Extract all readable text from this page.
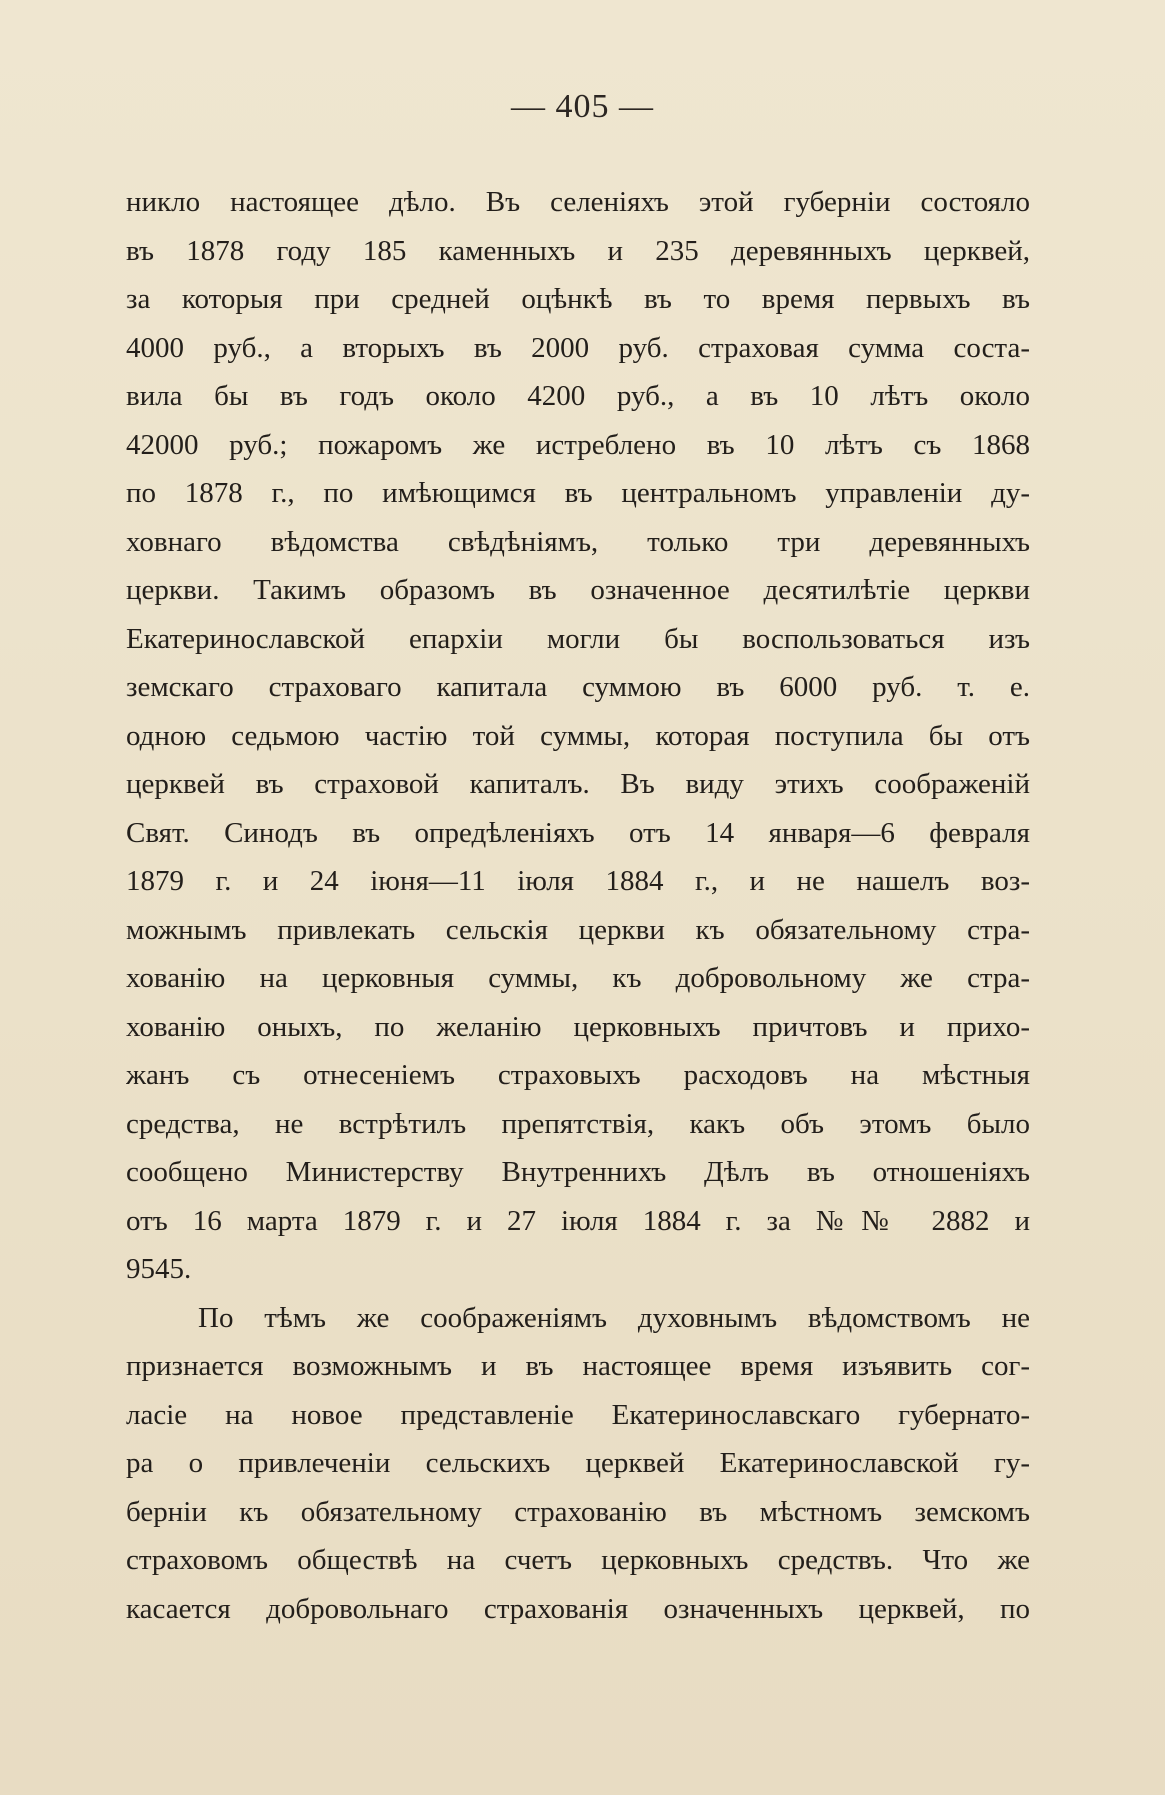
— 405 —
никло настоящее дѣло. Въ селеніяхъ этой губерніи состояло
въ 1878 году 185 каменныхъ и 235 деревянныхъ церквей,
за которыя при средней оцѣнкѣ въ то время первыхъ въ
4000 руб., а вторыхъ въ 2000 руб. страховая сумма соста-
вила бы въ годъ около 4200 руб., а въ 10 лѣтъ около
42000 руб.; пожаромъ же истреблено въ 10 лѣтъ съ 1868
по 1878 г., по имѣющимся въ центральномъ управленіи ду-
ховнаго вѣдомства свѣдѣніямъ, только три деревянныхъ
церкви. Такимъ образомъ въ означенное десятилѣтіе церкви
Екатеринославской епархіи могли бы воспользоваться изъ
земскаго страховаго капитала суммою въ 6000 руб. т. е.
одною седьмою частію той суммы, которая поступила бы отъ
церквей въ страховой капиталъ. Въ виду этихъ соображеній
Свят. Синодъ въ опредѣленіяхъ отъ 14 января—6 февраля
1879 г. и 24 іюня—11 іюля 1884 г., и не нашелъ воз-
можнымъ привлекать сельскія церкви къ обязательному стра-
хованію на церковныя суммы, къ добровольному же стра-
хованію оныхъ, по желанію церковныхъ причтовъ и прихо-
жанъ съ отнесеніемъ страховыхъ расходовъ на мѣстныя
средства, не встрѣтилъ препятствія, какъ объ этомъ было
сообщено Министерству Внутреннихъ Дѣлъ въ отношеніяхъ
отъ 16 марта 1879 г. и 27 іюля 1884 г. за №№ 2882 и
9545.
По тѣмъ же соображеніямъ духовнымъ вѣдомствомъ не
признается возможнымъ и въ настоящее время изъявить сог-
ласіе на новое представленіе Екатеринославскаго губернато-
ра о привлеченіи сельскихъ церквей Екатеринославской гу-
берніи къ обязательному страхованію въ мѣстномъ земскомъ
страховомъ обществѣ на счетъ церковныхъ средствъ. Что же
касается добровольнаго страхованія означенныхъ церквей, по
